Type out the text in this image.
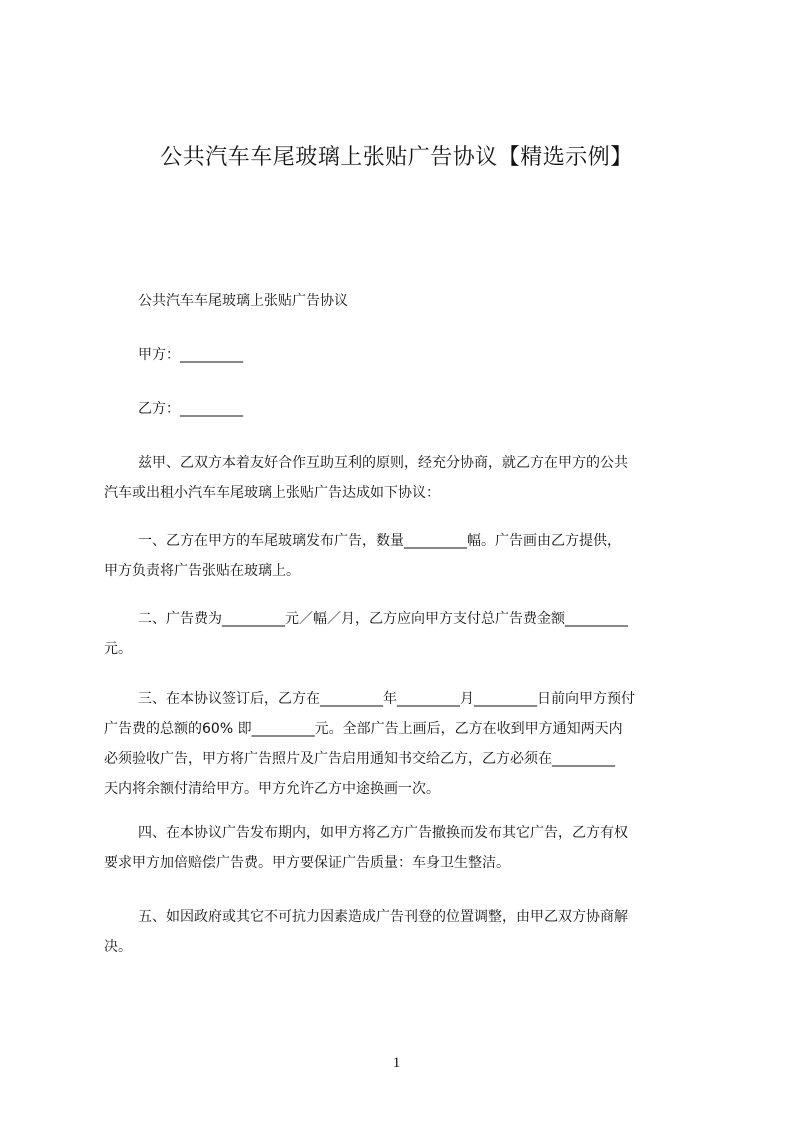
公共汽车车尾玻璃上张贴广告协议【精选示例】
公共汽车车尾玻璃上张贴广告协议
甲方：_________
乙方：_________
兹甲、乙双方本着友好合作互助互利的原则，经充分协商，就乙方在甲方的公共
汽车或出租小汽车车尾玻璃上张贴广告达成如下协议：
一、乙方在甲方的车尾玻璃发布广告，数量_________幅。广告画由乙方提供，
甲方负责将广告张贴在玻璃上。
二、广告费为_________元／幅／月，乙方应向甲方支付总广告费金额_________
元。
三、在本协议签订后，乙方在_________年_________月_________日前向甲方预付
广告费的总额的60% 即_________元。全部广告上画后，乙方在收到甲方通知两天内
必须验收广告，甲方将广告照片及广告启用通知书交给乙方，乙方必须在_________
天内将余额付清给甲方。甲方允许乙方中途换画一次。
四、在本协议广告发布期内，如甲方将乙方广告撤换而发布其它广告，乙方有权
要求甲方加倍赔偿广告费。甲方要保证广告质量：车身卫生整洁。
五、如因政府或其它不可抗力因素造成广告刊登的位置调整，由甲乙双方协商解
决。
1
